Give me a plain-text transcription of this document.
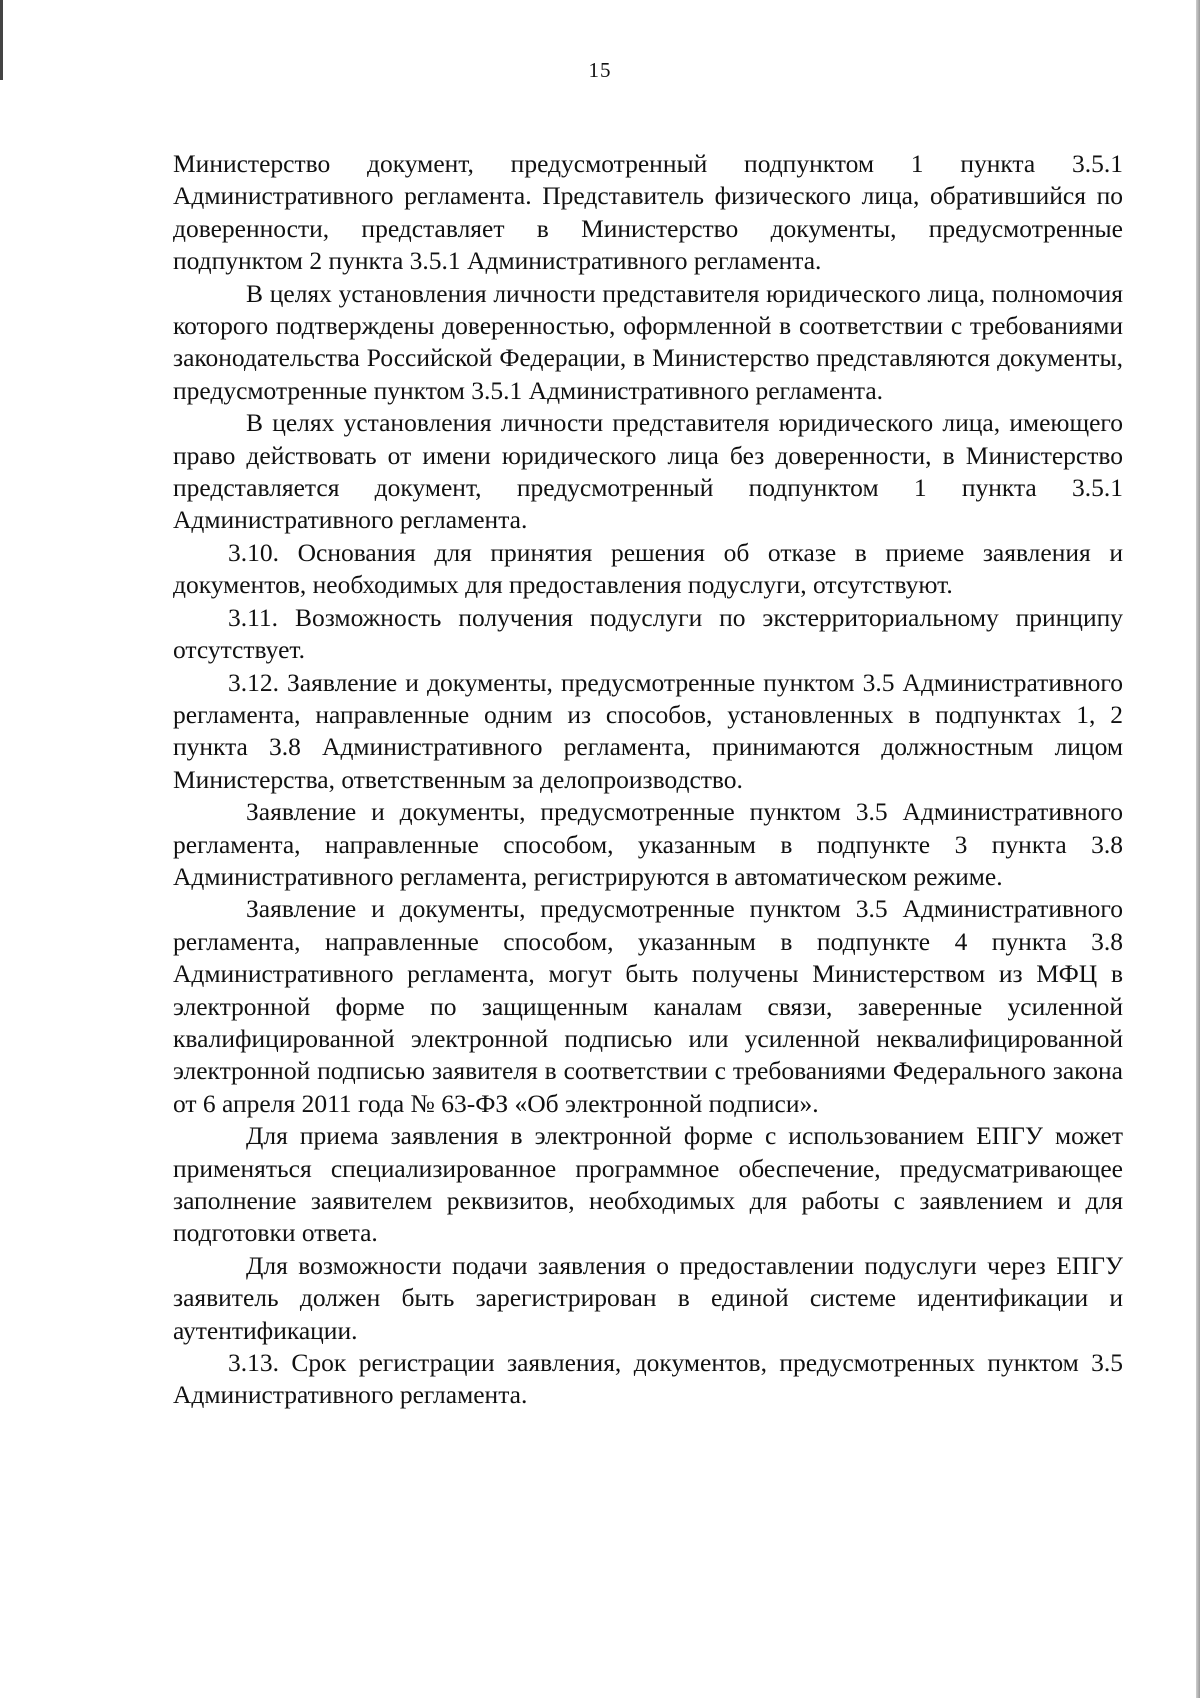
15

Министерство документ, предусмотренный подпунктом 1 пункта 3.5.1 Административного регламента. Представитель физического лица, обратившийся по доверенности, представляет в Министерство документы, предусмотренные подпунктом 2 пункта 3.5.1 Административного регламента.

В целях установления личности представителя юридического лица, полномочия которого подтверждены доверенностью, оформленной в соответствии с требованиями законодательства Российской Федерации, в Министерство представляются документы, предусмотренные пунктом 3.5.1 Административного регламента.

В целях установления личности представителя юридического лица, имеющего право действовать от имени юридического лица без доверенности, в Министерство представляется документ, предусмотренный подпунктом 1 пункта 3.5.1 Административного регламента.

3.10. Основания для принятия решения об отказе в приеме заявления и документов, необходимых для предоставления подуслуги, отсутствуют.

3.11. Возможность получения подуслуги по экстерриториальному принципу отсутствует.

3.12. Заявление и документы, предусмотренные пунктом 3.5 Административного регламента, направленные одним из способов, установленных в подпунктах 1, 2 пункта 3.8 Административного регламента, принимаются должностным лицом Министерства, ответственным за делопроизводство.

Заявление и документы, предусмотренные пунктом 3.5 Административного регламента, направленные способом, указанным в подпункте 3 пункта 3.8 Административного регламента, регистрируются в автоматическом режиме.

Заявление и документы, предусмотренные пунктом 3.5 Административного регламента, направленные способом, указанным в подпункте 4 пункта 3.8 Административного регламента, могут быть получены Министерством из МФЦ в электронной форме по защищенным каналам связи, заверенные усиленной квалифицированной электронной подписью или усиленной неквалифицированной электронной подписью заявителя в соответствии с требованиями Федерального закона от 6 апреля 2011 года № 63-ФЗ «Об электронной подписи».

Для приема заявления в электронной форме с использованием ЕПГУ может применяться специализированное программное обеспечение, предусматривающее заполнение заявителем реквизитов, необходимых для работы с заявлением и для подготовки ответа.

Для возможности подачи заявления о предоставлении подуслуги через ЕПГУ заявитель должен быть зарегистрирован в единой системе идентификации и аутентификации.

3.13. Срок регистрации заявления, документов, предусмотренных пунктом 3.5 Административного регламента.
